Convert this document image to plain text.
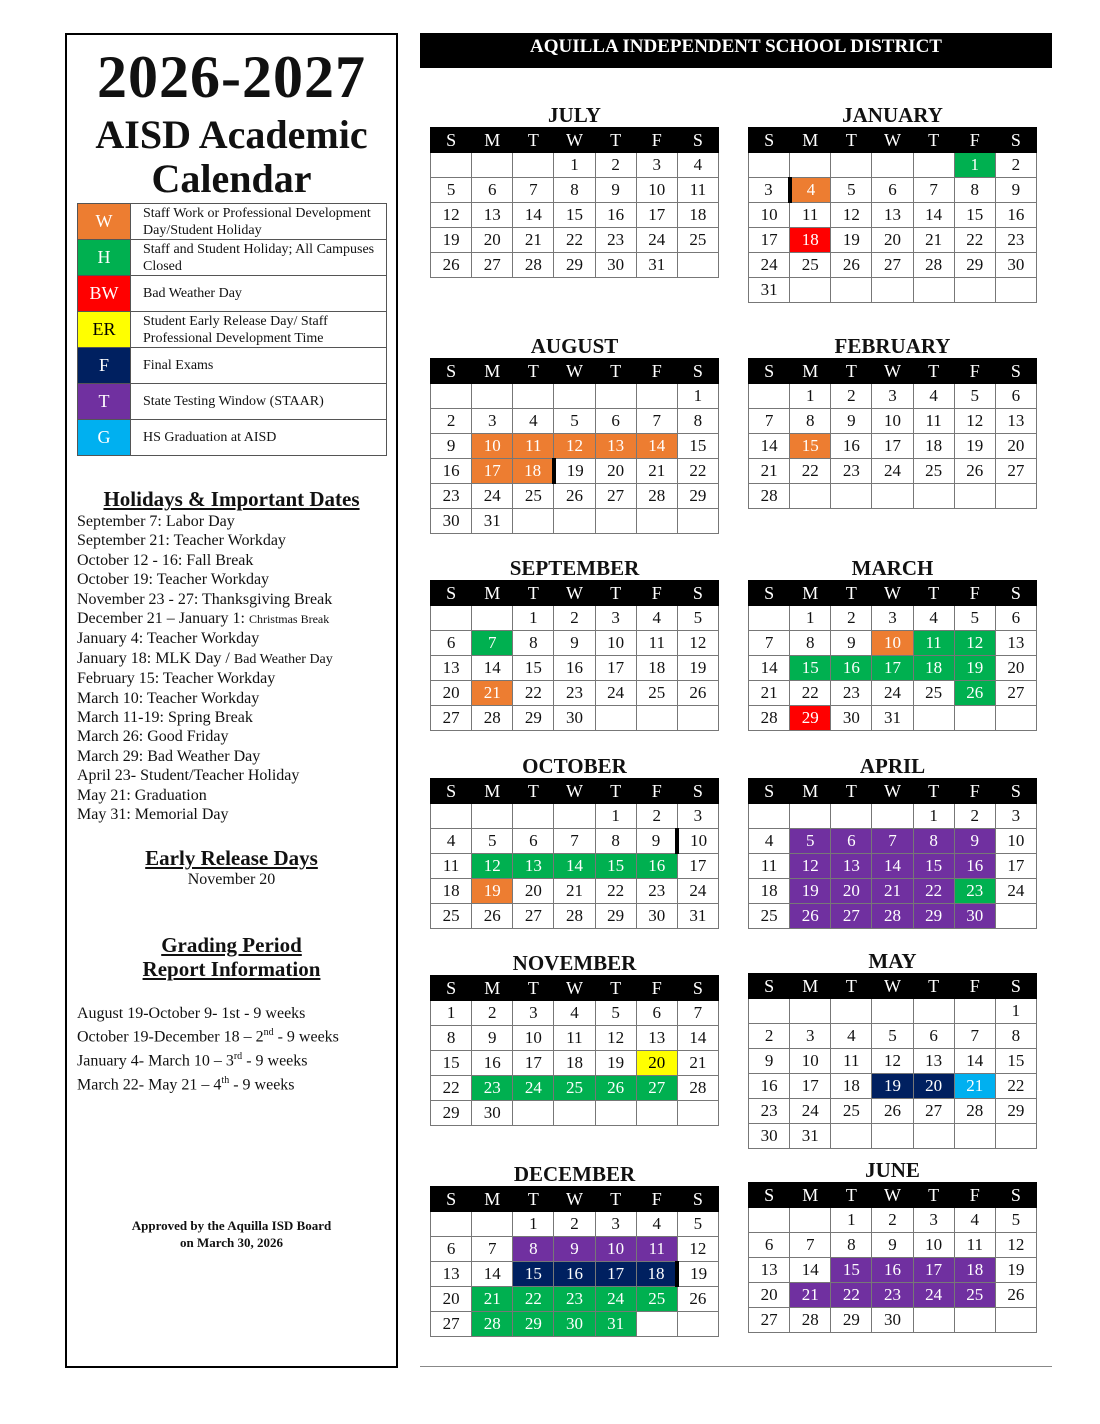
2026-2027
AISD Academic Calendar
W	Staff Work or Professional Development Day/Student Holiday
H	Staff and Student Holiday; All Campuses Closed
BW	Bad Weather Day
ER	Student Early Release Day/ Staff Professional Development Time
F	Final Exams
T	State Testing Window (STAAR)
G	HS Graduation at AISD
Holidays & Important Dates
September 7: Labor Day
September 21: Teacher Workday
October 12 - 16: Fall Break
October 19: Teacher Workday
November 23 - 27: Thanksgiving Break
December 21 – January 1: Christmas Break
January 4: Teacher Workday
January 18: MLK Day / Bad Weather Day
February 15: Teacher Workday
March 10: Teacher Workday
March 11-19: Spring Break
March 26: Good Friday
March 29: Bad Weather Day
April 23- Student/Teacher Holiday
May 21: Graduation
May 31: Memorial Day
Early Release Days
November 20
Grading Period
Report Information
August 19-October 9- 1st - 9 weeks
October 19-December 18 – 2nd - 9 weeks
January 4- March 10 – 3rd - 9 weeks
March 22- May 21 – 4th - 9 weeks
Approved by the Aquilla ISD Board
on March 30, 2026
AQUILLA INDEPENDENT SCHOOL DISTRICT
JULY
S	M	T	W	T	F	S
			1	2	3	4
5	6	7	8	9	10	11
12	13	14	15	16	17	18
19	20	21	22	23	24	25
26	27	28	29	30	31	
AUGUST
S	M	T	W	T	F	S
						1
2	3	4	5	6	7	8
9	10	11	12	13	14	15
16	17	18	19	20	21	22
23	24	25	26	27	28	29
30	31					
SEPTEMBER
S	M	T	W	T	F	S
		1	2	3	4	5
6	7	8	9	10	11	12
13	14	15	16	17	18	19
20	21	22	23	24	25	26
27	28	29	30			
OCTOBER
S	M	T	W	T	F	S
				1	2	3
4	5	6	7	8	9	10
11	12	13	14	15	16	17
18	19	20	21	22	23	24
25	26	27	28	29	30	31
NOVEMBER
S	M	T	W	T	F	S
1	2	3	4	5	6	7
8	9	10	11	12	13	14
15	16	17	18	19	20	21
22	23	24	25	26	27	28
29	30					
DECEMBER
S	M	T	W	T	F	S
		1	2	3	4	5
6	7	8	9	10	11	12
13	14	15	16	17	18	19
20	21	22	23	24	25	26
27	28	29	30	31		
JANUARY
S	M	T	W	T	F	S
					1	2
3	4	5	6	7	8	9
10	11	12	13	14	15	16
17	18	19	20	21	22	23
24	25	26	27	28	29	30
31						
FEBRUARY
S	M	T	W	T	F	S
	1	2	3	4	5	6
7	8	9	10	11	12	13
14	15	16	17	18	19	20
21	22	23	24	25	26	27
28						
MARCH
S	M	T	W	T	F	S
	1	2	3	4	5	6
7	8	9	10	11	12	13
14	15	16	17	18	19	20
21	22	23	24	25	26	27
28	29	30	31			
APRIL
S	M	T	W	T	F	S
				1	2	3
4	5	6	7	8	9	10
11	12	13	14	15	16	17
18	19	20	21	22	23	24
25	26	27	28	29	30	
MAY
S	M	T	W	T	F	S
						1
2	3	4	5	6	7	8
9	10	11	12	13	14	15
16	17	18	19	20	21	22
23	24	25	26	27	28	29
30	31					
JUNE
S	M	T	W	T	F	S
		1	2	3	4	5
6	7	8	9	10	11	12
13	14	15	16	17	18	19
20	21	22	23	24	25	26
27	28	29	30			
